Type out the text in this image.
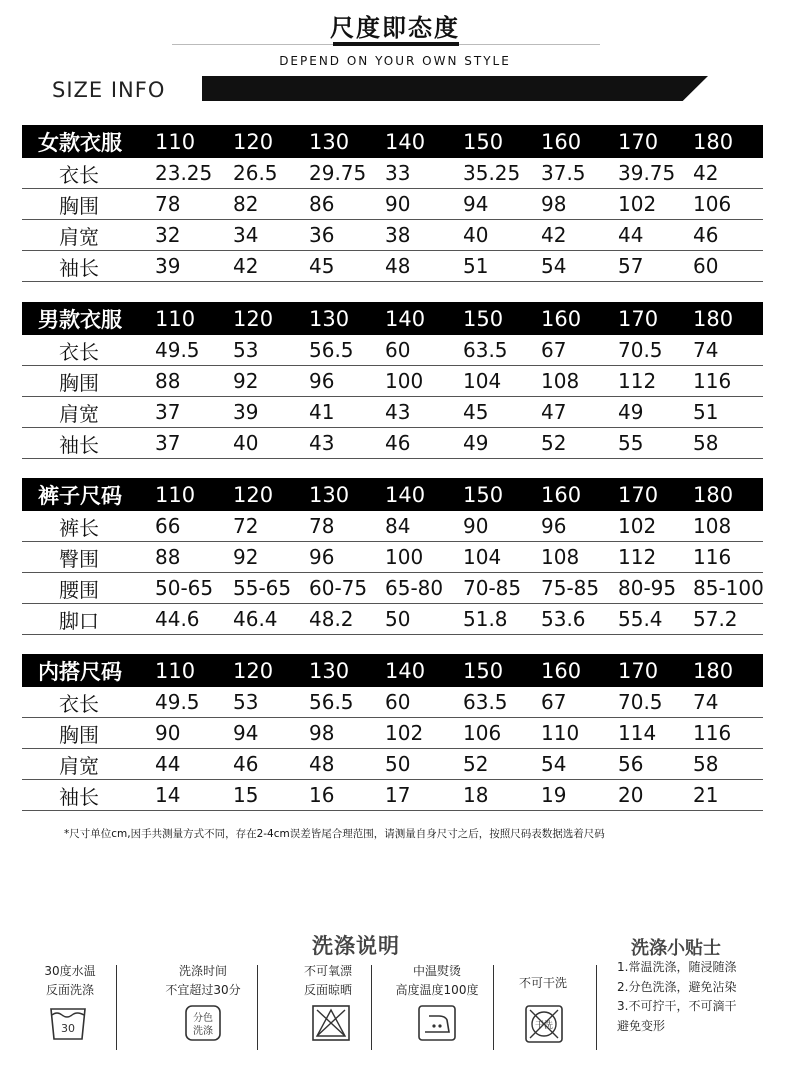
尺度即态度
DEPEND ON YOUR OWN STYLE
SIZE INFO
女款衣服 110 120 130 140 150 160 170 180
衣长	23.25 26.5 29.75 33	35.25 37.5 39.75 42
胸围	78	82	86	90	94	98	102 106
肩宽	32	34	36	38	40	42	44 46
袖长	39	42	45	48	51	54	57 60
男款衣服 110 120 130 140 150 160 170 180
衣长	49.5 53	56.5 60	63.5 67	70.5 74
胸围	88	92	96	100 104 108 112 116
肩宽	37	39	41	43	45	47	49 51
袖长	37	40	43	46	49	52	55 58
裤子尺码 110 120 130 140 150 160 170 180
裤长	66	72	78	84	90	96	102 108
臀围	88	92	96	100 104 108 112 116
腰围	50-65 55-65 60-75 65-80 70-85 75-85 80-95 85-100
脚口	44.6 46.4 48.2 50	51.8 53.6 55.4 57.2
内搭尺码 110 120 130 140 150 160 170 180
衣长	49.5 53	56.5 60	63.5 67	70.5 74
胸围	90	94	98	102 106 110 114 116
肩宽	44	46	48	50	52	54	56 58
袖长	14	15	16	17	18	19	20 21
*尺寸单位cm,因手共测量方式不同，存在2-4cm误差皆尾合理范围，请测量自身尺寸之后，按照尺码表数据选着尺码
洗涤说明	洗涤小贴士
30度水温
反面洗涤
30
洗涤时间
不宜超过30分
分色
洗涤
不可氧漂
反面晾晒
中温熨烫
高度温度100度	不可干洗
干洗
1.常温洗涤，随浸随涤
2.分色洗涤，避免沾染
3.不可拧干，不可滴干
避免变形
